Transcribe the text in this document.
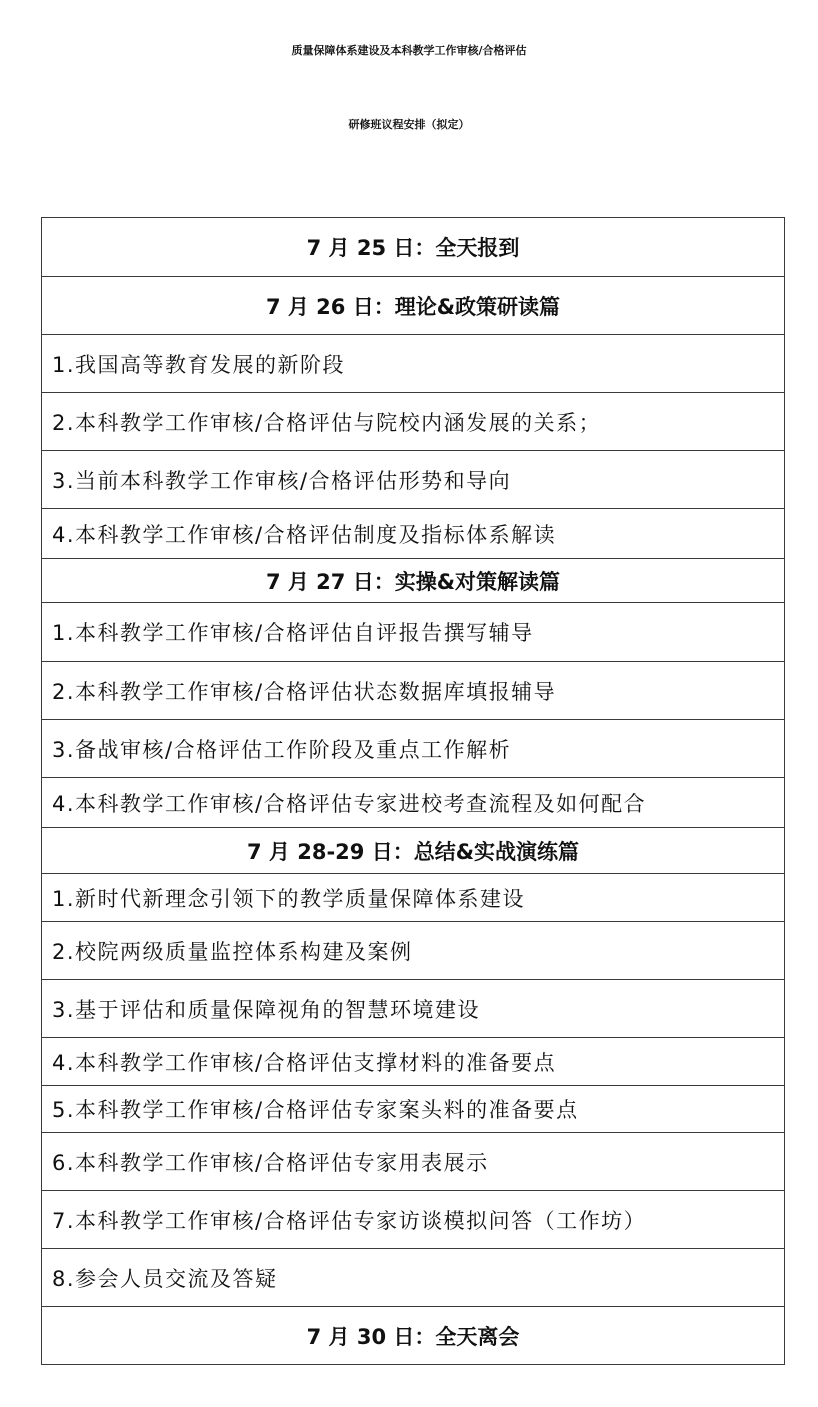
质量保障体系建设及本科教学工作审核/合格评估
研修班议程安排（拟定）
7 月 25 日：全天报到
7 月 26 日：理论&政策研读篇
1.我国高等教育发展的新阶段
2.本科教学工作审核/合格评估与院校内涵发展的关系；
3.当前本科教学工作审核/合格评估形势和导向
4.本科教学工作审核/合格评估制度及指标体系解读
7 月 27 日：实操&对策解读篇
1.本科教学工作审核/合格评估自评报告撰写辅导
2.本科教学工作审核/合格评估状态数据库填报辅导
3.备战审核/合格评估工作阶段及重点工作解析
4.本科教学工作审核/合格评估专家进校考查流程及如何配合
7 月 28-29 日：总结&实战演练篇
1.新时代新理念引领下的教学质量保障体系建设
2.校院两级质量监控体系构建及案例
3.基于评估和质量保障视角的智慧环境建设
4.本科教学工作审核/合格评估支撑材料的准备要点
5.本科教学工作审核/合格评估专家案头料的准备要点
6.本科教学工作审核/合格评估专家用表展示
7.本科教学工作审核/合格评估专家访谈模拟问答（工作坊）
8.参会人员交流及答疑
7 月 30 日：全天离会
